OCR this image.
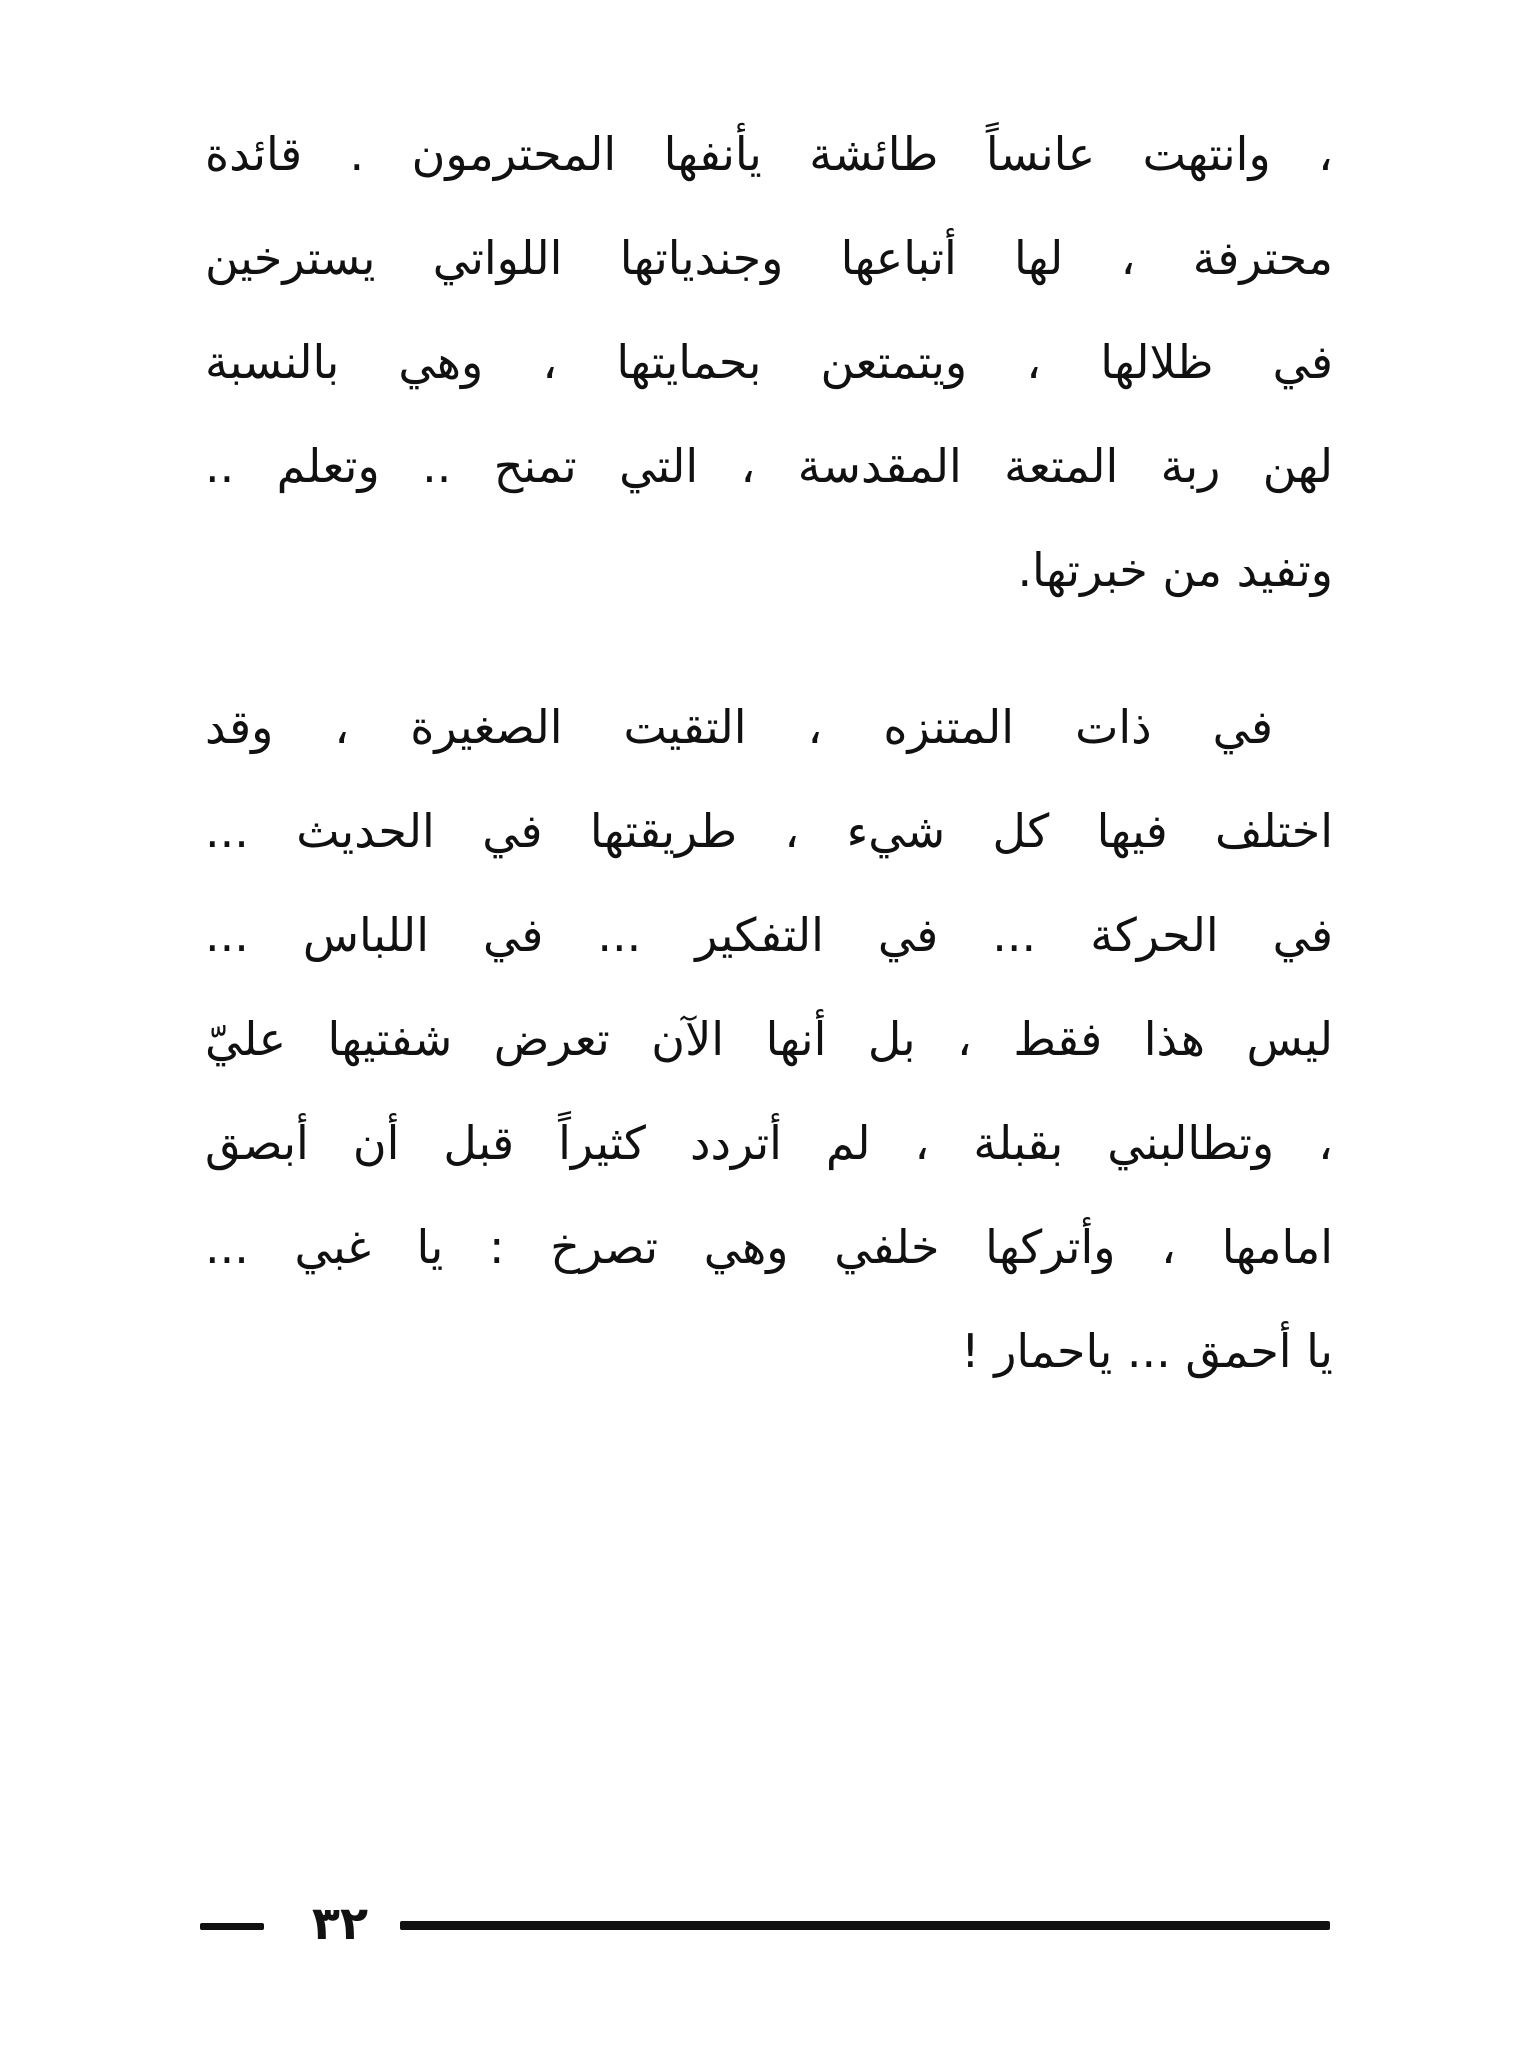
، وانتهت عانساً طائشة يأنفها المحترمون . قائدة
محترفة ، لها أتباعها وجندياتها اللواتي يسترخين
في ظلالها ، ويتمتعن بحمايتها ، وهي بالنسبة
لهن ربة المتعة المقدسة ، التي تمنح .. وتعلم ..
وتفيد من خبرتها.
في ذات المتنزه ، التقيت الصغيرة ، وقد
اختلف فيها كل شيء ، طريقتها في الحديث ...
في الحركة ... في التفكير ... في اللباس ...
ليس هذا فقط ، بل أنها الآن تعرض شفتيها عليّ
، وتطالبني بقبلة ، لم أتردد كثيراً قبل أن أبصق
امامها ، وأتركها خلفي وهي تصرخ : يا غبي ...
يا أحمق ... ياحمار !
٣٢
